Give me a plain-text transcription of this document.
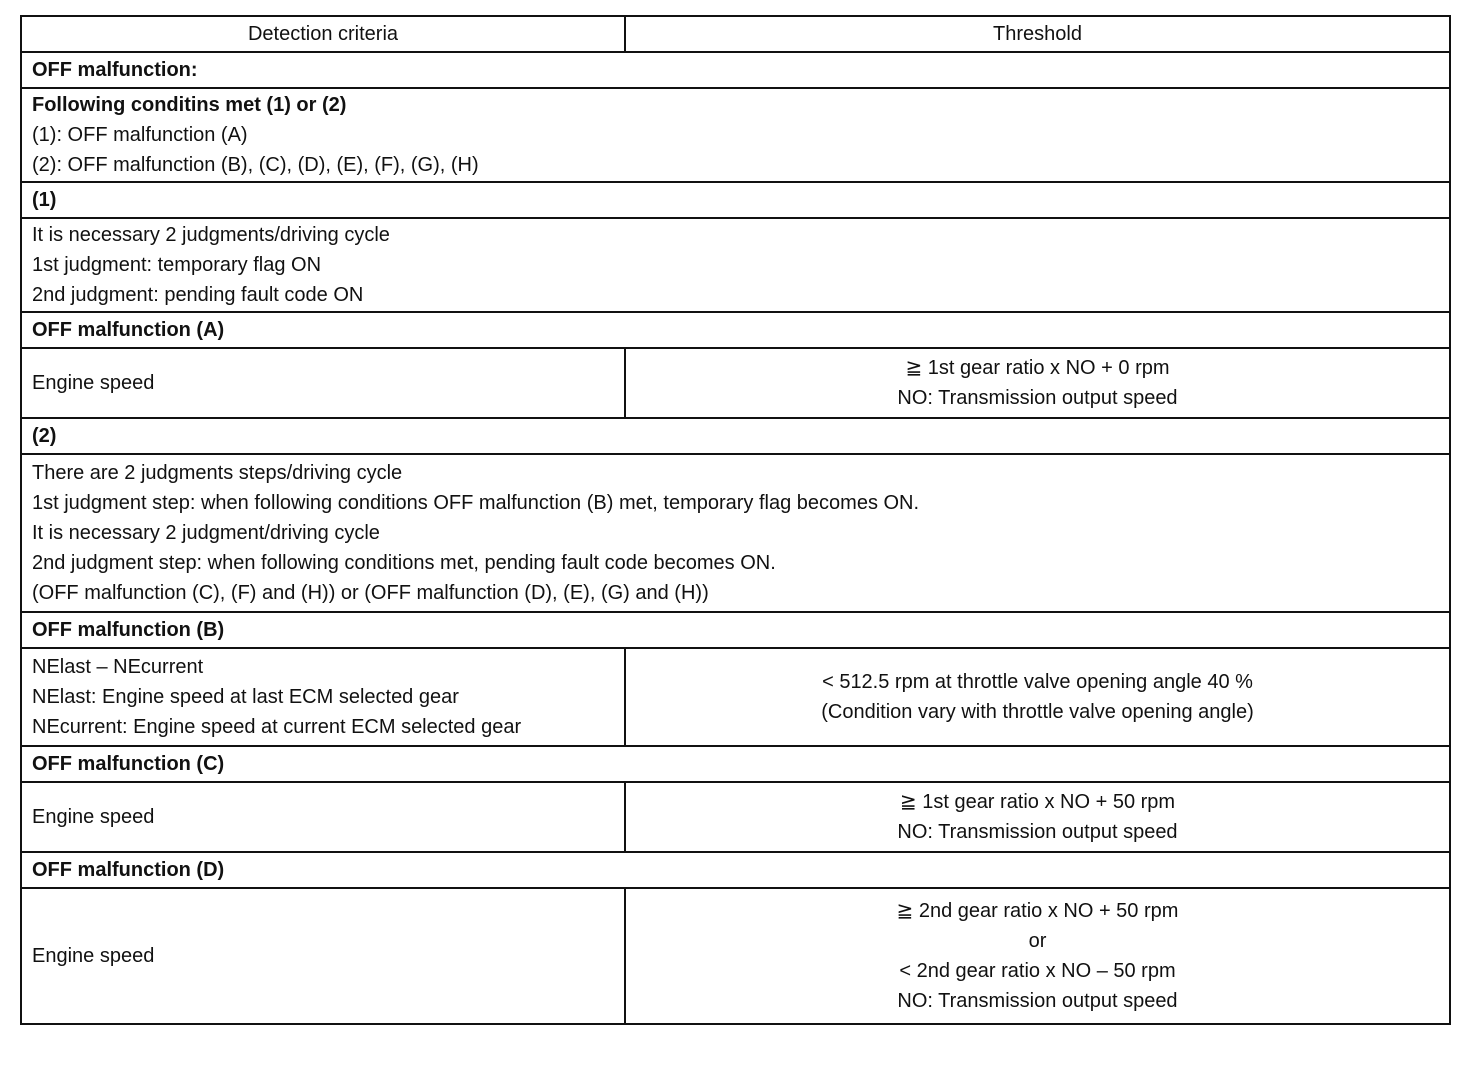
Detection criteria	Threshold
OFF malfunction:	

Following conditins met (1) or (2)
(1): OFF malfunction (A)
(2): OFF malfunction (B), (C), (D), (E), (F), (G), (H)	

(1)	

It is necessary 2 judgments/driving cycle
1st judgment: temporary flag ON
2nd judgment: pending fault code ON	

OFF malfunction (A)	
Engine speed	≧ 1st gear ratio x NO + 0 rpm
NO: Transmission output speed

(2)	

There are 2 judgments steps/driving cycle
1st judgment step: when following conditions OFF malfunction (B) met, temporary flag becomes ON.
It is necessary 2 judgment/driving cycle
2nd judgment step: when following conditions met, pending fault code becomes ON.
(OFF malfunction (C), (F) and (H)) or (OFF malfunction (D), (E), (G) and (H))	

OFF malfunction (B)	

NElast – NEcurrent
NElast: Engine speed at last ECM selected gear
NEcurrent: Engine speed at current ECM selected gear	< 512.5 rpm at throttle valve opening angle 40 %
(Condition vary with throttle valve opening angle)

OFF malfunction (C)	
Engine speed	≧ 1st gear ratio x NO + 50 rpm
NO: Transmission output speed

OFF malfunction (D)	
Engine speed	≧ 2nd gear ratio x NO + 50 rpm
or
< 2nd gear ratio x NO – 50 rpm
NO: Transmission output speed
